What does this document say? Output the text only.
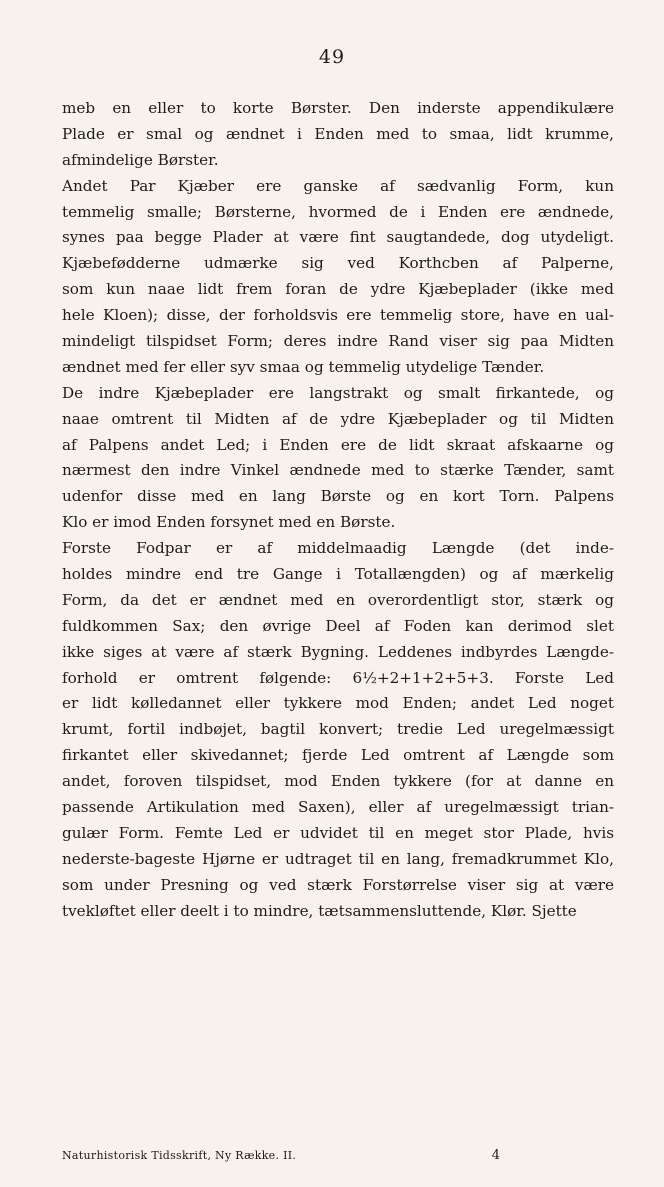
49
meb en eller to korte Børster. Den inderste appendikulære
Plade er smal og ændnet i Enden med to smaa, lidt krumme,
afmindelige Børster.
Andet Par Kjæber ere ganske af sædvanlig Form, kun
temmelig smalle; Børsterne, hvormed de i Enden ere ændnede,
synes paa begge Plader at være fint saugtandede, dog utydeligt.
Kjæbefødderne udmærke sig ved Korthcben af Palperne,
som kun naae lidt frem foran de ydre Kjæbeplader (ikke med
hele Kloen); disse, der forholdsvis ere temmelig store, have en ual-
mindeligt tilspidset Form; deres indre Rand viser sig paa Midten
ændnet med fer eller syv smaa og temmelig utydelige Tænder.
De indre Kjæbeplader ere langstrakt og smalt firkantede, og
naae omtrent til Midten af de ydre Kjæbeplader og til Midten
af Palpens andet Led; i Enden ere de lidt skraat afskaarne og
nærmest den indre Vinkel ændnede med to stærke Tænder, samt
udenfor disse med en lang Børste og en kort Torn. Palpens
Klo er imod Enden forsynet med en Børste.
Forste Fodpar er af middelmaadig Længde (det inde-
holdes mindre end tre Gange i Totallængden) og af mærkelig
Form, da det er ændnet med en overordentligt stor, stærk og
fuldkommen Sax; den øvrige Deel af Foden kan derimod slet
ikke siges at være af stærk Bygning. Leddenes indbyrdes Længde-
forhold er omtrent følgende: 6½+2+1+2+5+3. Forste Led
er lidt kølledannet eller tykkere mod Enden; andet Led noget
krumt, fortil indbøjet, bagtil konvert; tredie Led uregelmæssigt
firkantet eller skivedannet; fjerde Led omtrent af Længde som
andet, foroven tilspidset, mod Enden tykkere (for at danne en
passende Artikulation med Saxen), eller af uregelmæssigt trian-
gulær Form. Femte Led er udvidet til en meget stor Plade, hvis
nederste-bageste Hjørne er udtraget til en lang, fremadkrummet Klo,
som under Presning og ved stærk Forstørrelse viser sig at være
tvekløftet eller deelt i to mindre, tætsammensluttende, Klør. Sjette
Naturhistorisk Tidsskrift, Ny Række. II.	4
